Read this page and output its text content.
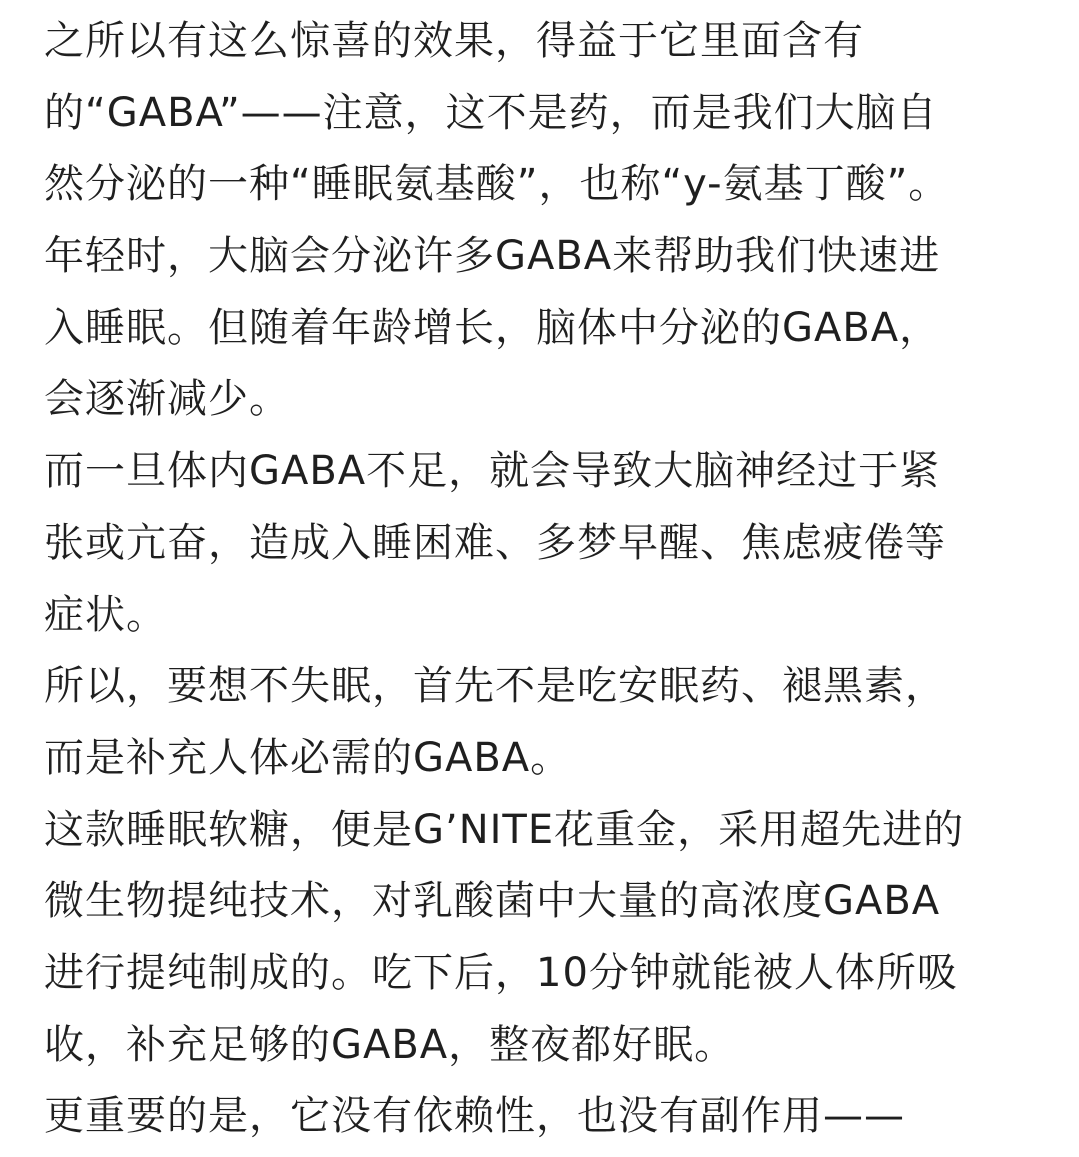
之所以有这么惊喜的效果，得益于它里面含有
的“GABA”——注意，这不是药，而是我们大脑自
然分泌的一种“睡眠氨基酸”，也称“y-氨基丁酸”。
年轻时，大脑会分泌许多GABA来帮助我们快速进
入睡眠。但随着年龄增长，脑体中分泌的GABA，
会逐渐减少。
而一旦体内GABA不足，就会导致大脑神经过于紧
张或亢奋，造成入睡困难、多梦早醒、焦虑疲倦等
症状。
所以，要想不失眠，首先不是吃安眠药、褪黑素，
而是补充人体必需的GABA。
这款睡眠软糖，便是G’NITE花重金，采用超先进的
微生物提纯技术，对乳酸菌中大量的高浓度GABA
进行提纯制成的。吃下后，10分钟就能被人体所吸
收，补充足够的GABA，整夜都好眠。
更重要的是，它没有依赖性，也没有副作用——
